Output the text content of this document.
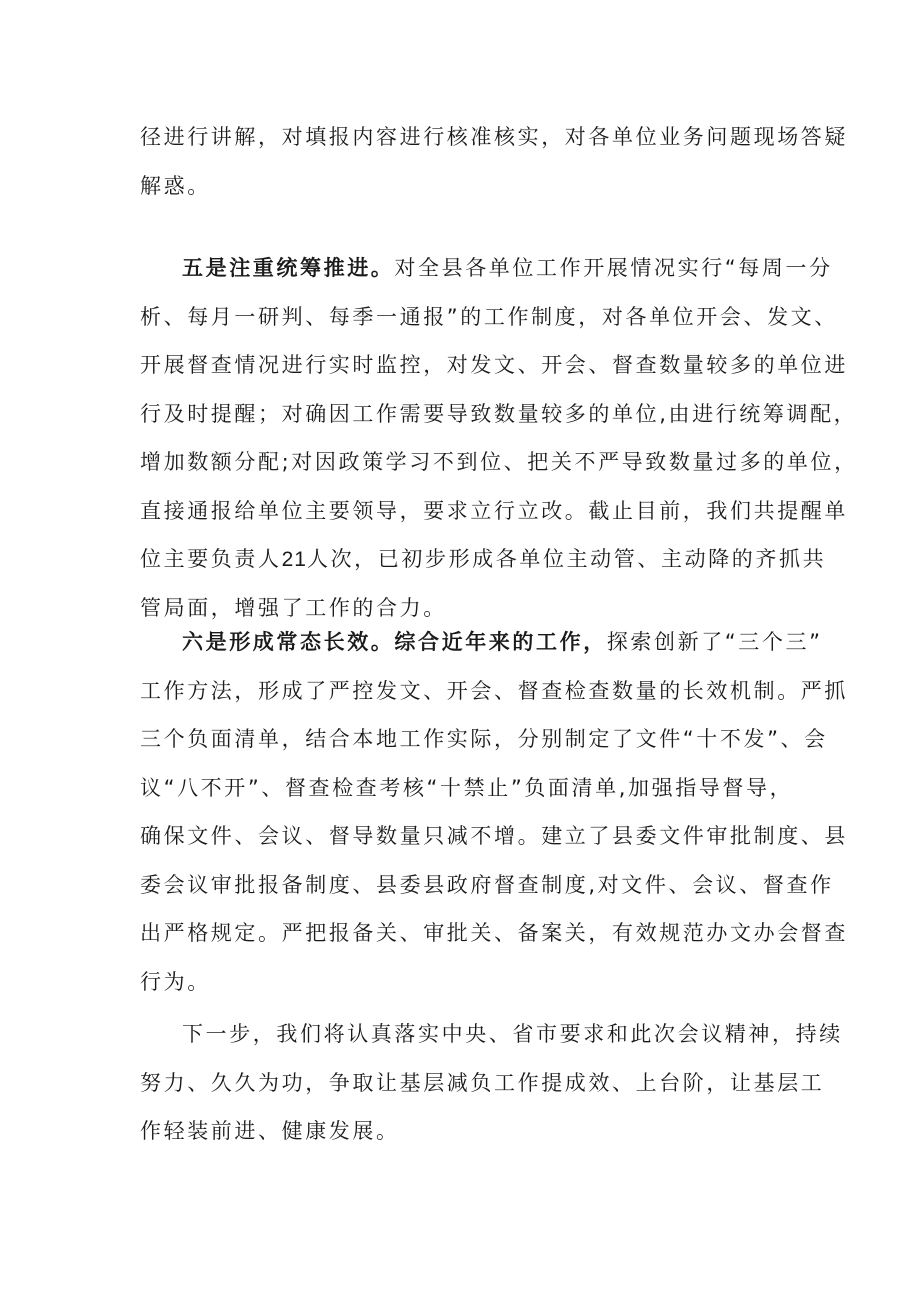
径进行讲解，对填报内容进行核准核实，对各单位业务问题现场答疑
解惑。
五是注重统筹推进。对全县各单位工作开展情况实行“每周一分
析、每月一研判、每季一通报”的工作制度，对各单位开会、发文、
开展督查情况进行实时监控，对发文、开会、督查数量较多的单位进
行及时提醒；对确因工作需要导致数量较多的单位,由进行统筹调配，
增加数额分配;对因政策学习不到位、把关不严导致数量过多的单位，
直接通报给单位主要领导，要求立行立改。截止目前，我们共提醒单
位主要负责人21人次，已初步形成各单位主动管、主动降的齐抓共
管局面，增强了工作的合力。
六是形成常态长效。综合近年来的工作，探索创新了“三个三”
工作方法，形成了严控发文、开会、督查检查数量的长效机制。严抓
三个负面清单，结合本地工作实际，分别制定了文件“十不发”、会
议“八不开”、督查检查考核“十禁止”负面清单,加强指导督导，
确保文件、会议、督导数量只减不增。建立了县委文件审批制度、县
委会议审批报备制度、县委县政府督查制度,对文件、会议、督查作
出严格规定。严把报备关、审批关、备案关，有效规范办文办会督查
行为。
下一步，我们将认真落实中央、省市要求和此次会议精神，持续
努力、久久为功，争取让基层减负工作提成效、上台阶，让基层工
作轻装前进、健康发展。
